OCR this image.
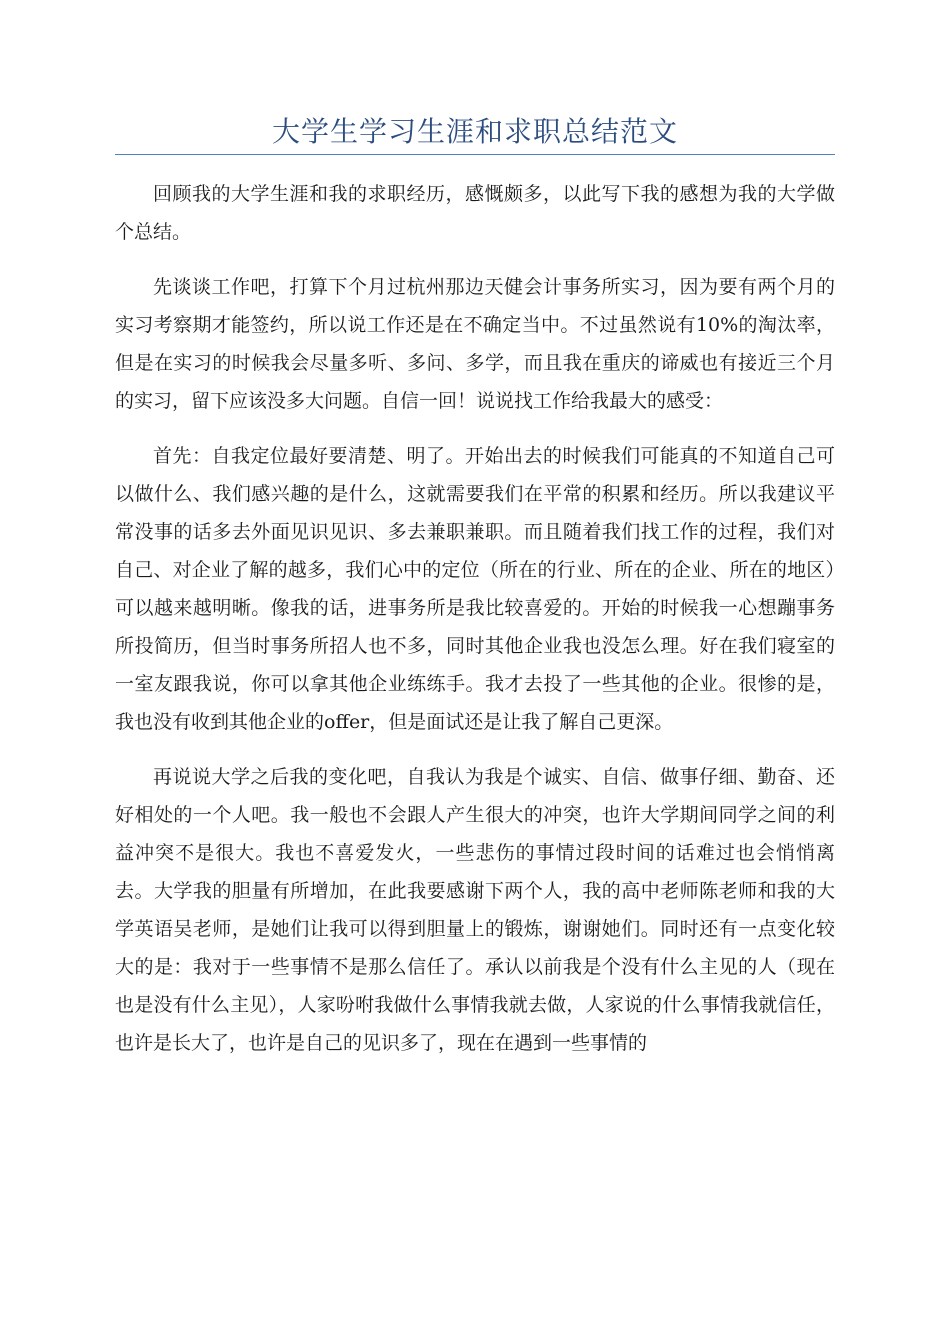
大学生学习生涯和求职总结范文

回顾我的大学生涯和我的求职经历，感慨颇多，以此写下我的感想为我的大学做个总结。

先谈谈工作吧，打算下个月过杭州那边天健会计事务所实习，因为要有两个月的实习考察期才能签约，所以说工作还是在不确定当中。不过虽然说有10%的淘汰率，但是在实习的时候我会尽量多听、多问、多学，而且我在重庆的谛威也有接近三个月的实习，留下应该没多大问题。自信一回！说说找工作给我最大的感受：

首先：自我定位最好要清楚、明了。开始出去的时候我们可能真的不知道自己可以做什么、我们感兴趣的是什么，这就需要我们在平常的积累和经历。所以我建议平常没事的话多去外面见识见识、多去兼职兼职。而且随着我们找工作的过程，我们对自己、对企业了解的越多，我们心中的定位（所在的行业、所在的企业、所在的地区）可以越来越明晰。像我的话，进事务所是我比较喜爱的。开始的时候我一心想蹦事务所投简历，但当时事务所招人也不多，同时其他企业我也没怎么理。好在我们寝室的一室友跟我说，你可以拿其他企业练练手。我才去投了一些其他的企业。很惨的是，我也没有收到其他企业的offer，但是面试还是让我了解自己更深。

再说说大学之后我的变化吧，自我认为我是个诚实、自信、做事仔细、勤奋、还好相处的一个人吧。我一般也不会跟人产生很大的冲突，也许大学期间同学之间的利益冲突不是很大。我也不喜爱发火，一些悲伤的事情过段时间的话难过也会悄悄离去。大学我的胆量有所增加，在此我要感谢下两个人，我的高中老师陈老师和我的大学英语吴老师，是她们让我可以得到胆量上的锻炼，谢谢她们。同时还有一点变化较大的是：我对于一些事情不是那么信任了。承认以前我是个没有什么主见的人（现在也是没有什么主见），人家吩咐我做什么事情我就去做，人家说的什么事情我就信任，也许是长大了，也许是自己的见识多了，现在在遇到一些事情的
